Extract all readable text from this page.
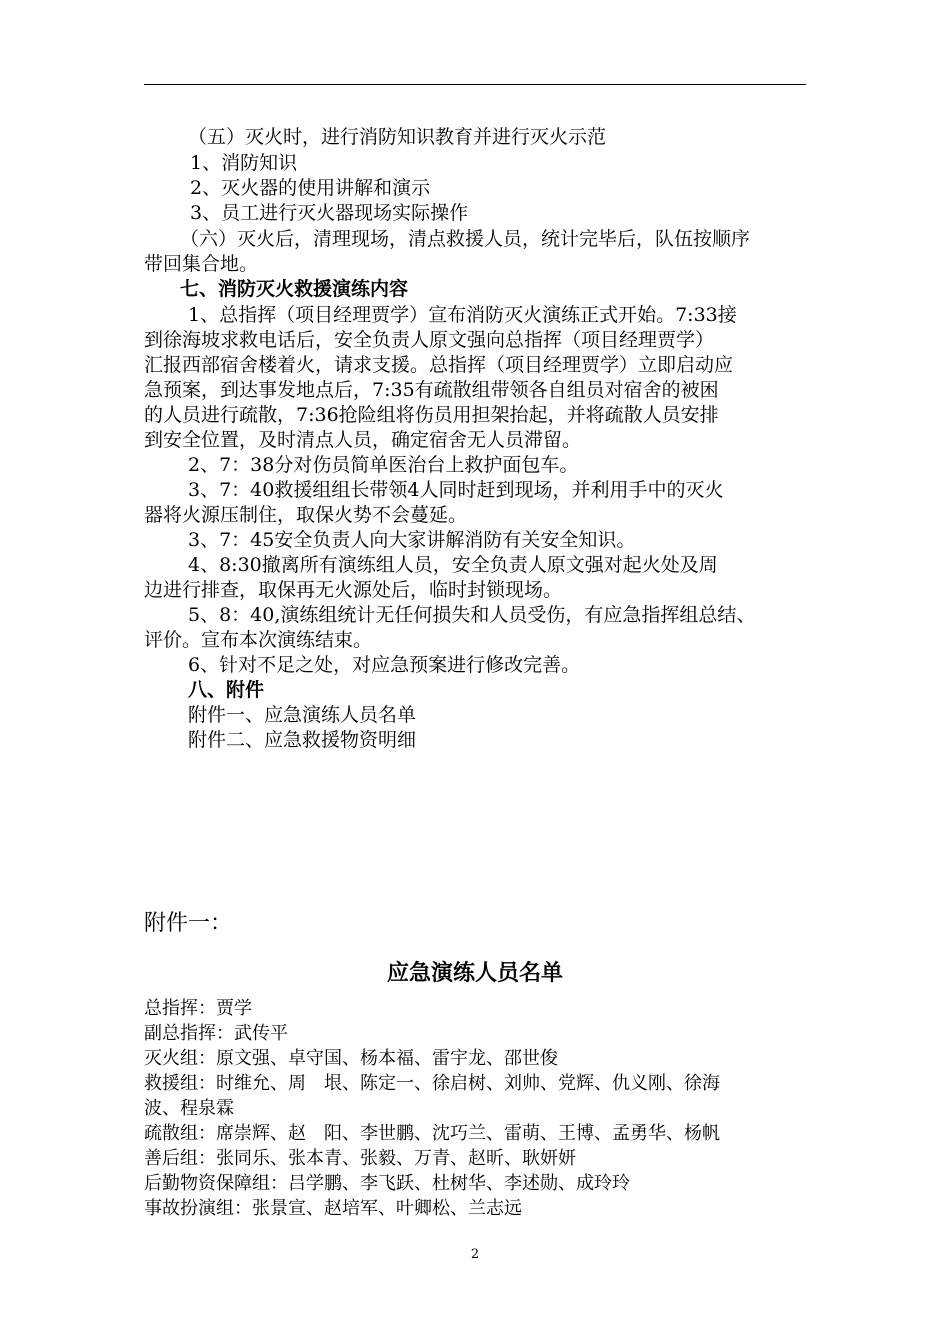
（五）灭火时，进行消防知识教育并进行灭火示范
1、消防知识
2、灭火器的使用讲解和演示
3、员工进行灭火器现场实际操作
（六）灭火后，清理现场，清点救援人员，统计完毕后，队伍按顺序
带回集合地。
七、消防灭火救援演练内容
1、总指挥（项目经理贾学）宣布消防灭火演练正式开始。7:33接
到徐海坡求救电话后，安全负责人原文强向总指挥（项目经理贾学）
汇报西部宿舍楼着火，请求支援。总指挥（项目经理贾学）立即启动应
急预案，到达事发地点后，7:35有疏散组带领各自组员对宿舍的被困
的人员进行疏散，7:36抢险组将伤员用担架抬起，并将疏散人员安排
到安全位置，及时清点人员，确定宿舍无人员滞留。
2、7：38分对伤员简单医治台上救护面包车。
3、7：40救援组组长带领4人同时赶到现场，并利用手中的灭火
器将火源压制住，取保火势不会蔓延。
3、7：45安全负责人向大家讲解消防有关安全知识。
4、8:30撤离所有演练组人员，安全负责人原文强对起火处及周
边进行排查，取保再无火源处后，临时封锁现场。
5、8：40,演练组统计无任何损失和人员受伤，有应急指挥组总结、
评价。宣布本次演练结束。
6、针对不足之处，对应急预案进行修改完善。
八、附件
附件一、应急演练人员名单
附件二、应急救援物资明细
附件一：
应急演练人员名单
总指挥：贾学
副总指挥：武传平
灭火组：原文强、卓守国、杨本福、雷宇龙、邵世俊
救援组：时维允、周　垠、陈定一、徐启树、刘帅、党辉、仇义刚、徐海
波、程泉霖
疏散组：席崇辉、赵　阳、李世鹏、沈巧兰、雷萌、王博、孟勇华、杨帆
善后组：张同乐、张本青、张毅、万青、赵昕、耿妍妍
后勤物资保障组：吕学鹏、李飞跃、杜树华、李述勋、成玲玲
事故扮演组：张景宣、赵培军、叶卿松、兰志远
2
